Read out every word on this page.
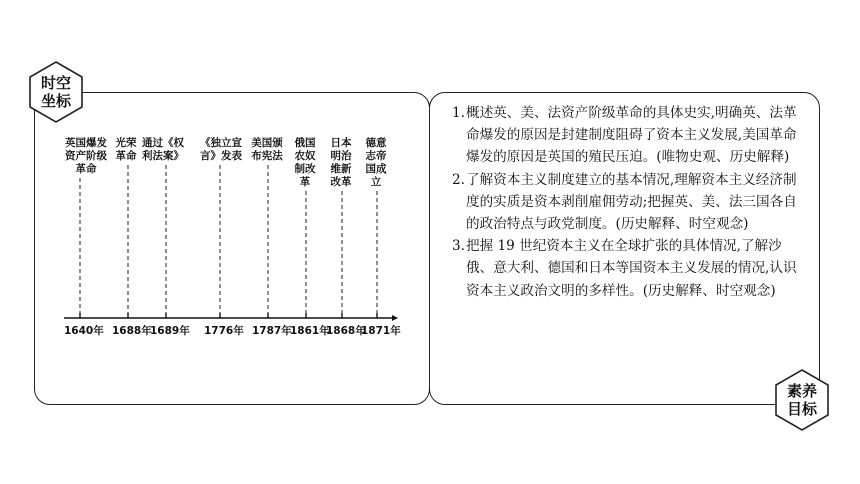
英国爆发
资产阶级
革命
1640年
光荣
革命
1688年
通过《权
利法案》
1689年
《独立宣
言》发表
1776年
美国颁
布宪法
1787年
俄国
农奴
制改
革
1861年
日本
明治
维新
改革
1868年
德意
志帝
国成
立
1871年

1. 概述英、美、法资产阶级革命的具体史实,明确英、法革命爆发的原因是封建制度阻碍了资本主义发展,美国革命爆发的原因是英国的殖民压迫。(唯物史观、历史解释)

2. 了解资本主义制度建立的基本情况,理解资本主义经济制度的实质是资本剥削雇佣劳动;把握英、美、法三国各自的政治特点与政党制度。(历史解释、时空观念)

3. 把握 19 世纪资本主义在全球扩张的具体情况,了解沙俄、意大利、德国和日本等国资本主义发展的情况,认识资本主义政治文明的多样性。(历史解释、时空观念)

时空
坐标
素养
目标
